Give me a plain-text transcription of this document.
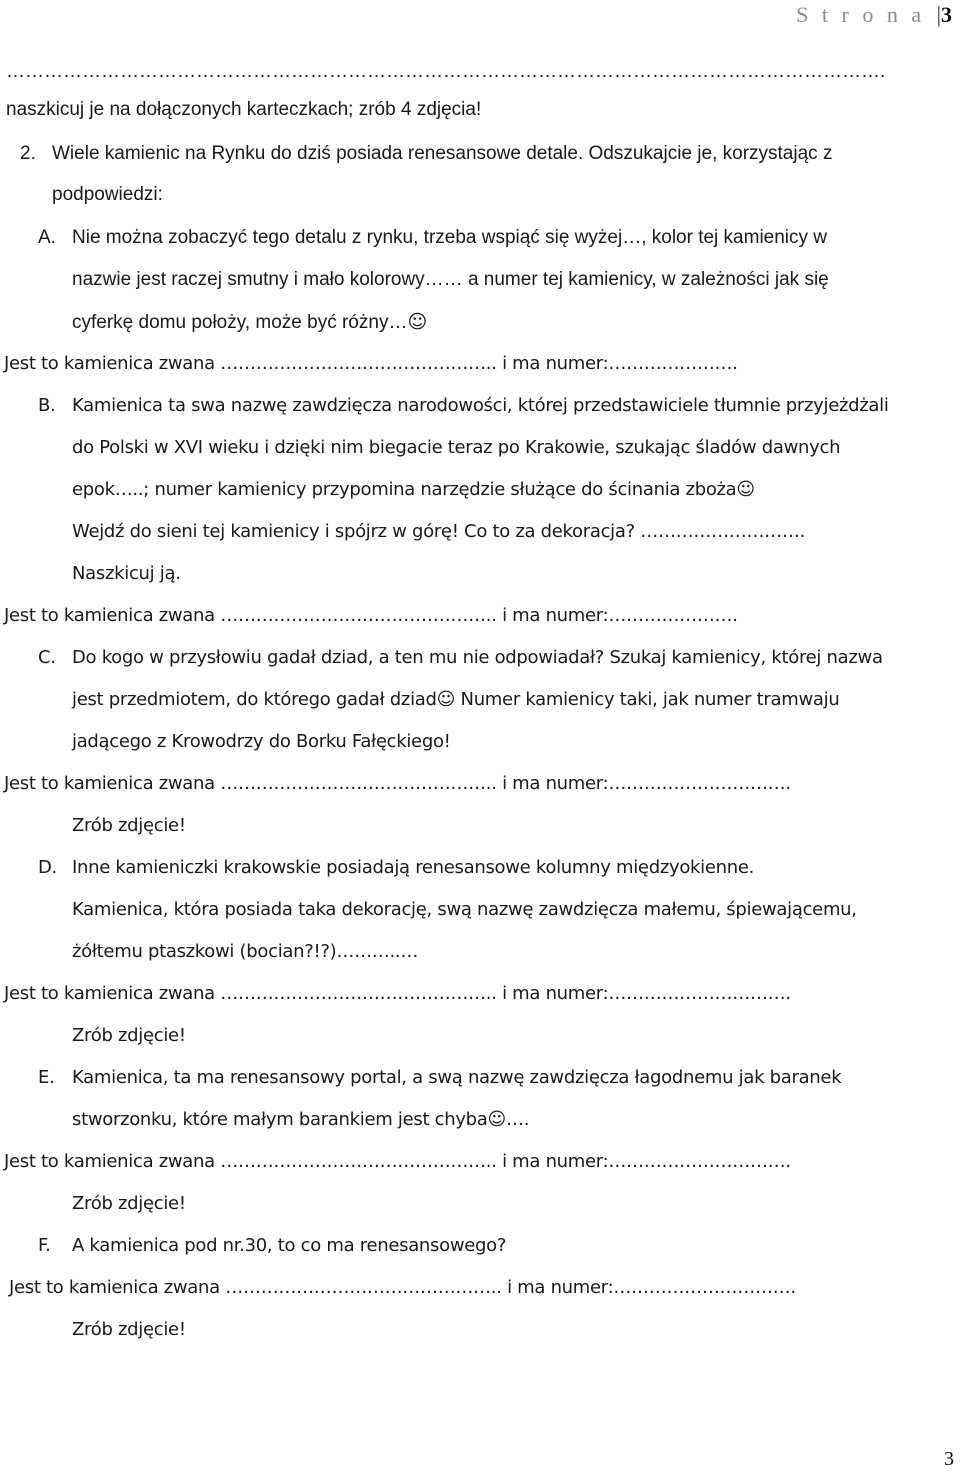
S t r o n a |3
………………………………………………………………………………………………………………………….
naszkicuj je na dołączonych karteczkach; zrób 4 zdjęcia!
2. Wiele kamienic na Rynku do dziś posiada renesansowe detale. Odszukajcie je, korzystając z
podpowiedzi:
A. Nie można zobaczyć tego detalu z rynku, trzeba wspiąć się wyżej…, kolor tej kamienicy w
nazwie jest raczej smutny i mało kolorowy…… a numer tej kamienicy, w zależności jak się
cyferkę domu położy, może być różny…☺
Jest to kamienica zwana ……………………………………….. i ma numer:………………….
B. Kamienica ta swa nazwę zawdzięcza narodowości, której przedstawiciele tłumnie przyjeżdżali
do Polski w XVI wieku i dzięki nim biegacie teraz po Krakowie, szukając śladów dawnych
epok…..; numer kamienicy przypomina narzędzie służące do ścinania zboża☺
Wejdź do sieni tej kamienicy i spójrz w górę! Co to za dekoracja? ……………………….
Naszkicuj ją.
Jest to kamienica zwana ……………………………………….. i ma numer:………………….
C. Do kogo w przysłowiu gadał dziad, a ten mu nie odpowiadał? Szukaj kamienicy, której nazwa
jest przedmiotem, do którego gadał dziad☺ Numer kamienicy taki, jak numer tramwaju
jadącego z Krowodrzy do Borku Fałęckiego!
Jest to kamienica zwana ……………………………………….. i ma numer:………………………….
Zrób zdjęcie!
D. Inne kamieniczki krakowskie posiadają renesansowe kolumny międzyokienne.
Kamienica, która posiada taka dekorację, swą nazwę zawdzięcza małemu, śpiewającemu,
żółtemu ptaszkowi (bocian?!?)………..…
Jest to kamienica zwana ……………………………………….. i ma numer:………………………….
Zrób zdjęcie!
E. Kamienica, ta ma renesansowy portal, a swą nazwę zawdzięcza łagodnemu jak baranek
stworzonku, które małym barankiem jest chyba☺….
Jest to kamienica zwana ……………………………………….. i ma numer:………………………….
Zrób zdjęcie!
F. A kamienica pod nr.30, to co ma renesansowego?
Jest to kamienica zwana ……………………………………….. i ma numer:………………………….
Zrób zdjęcie!
3
